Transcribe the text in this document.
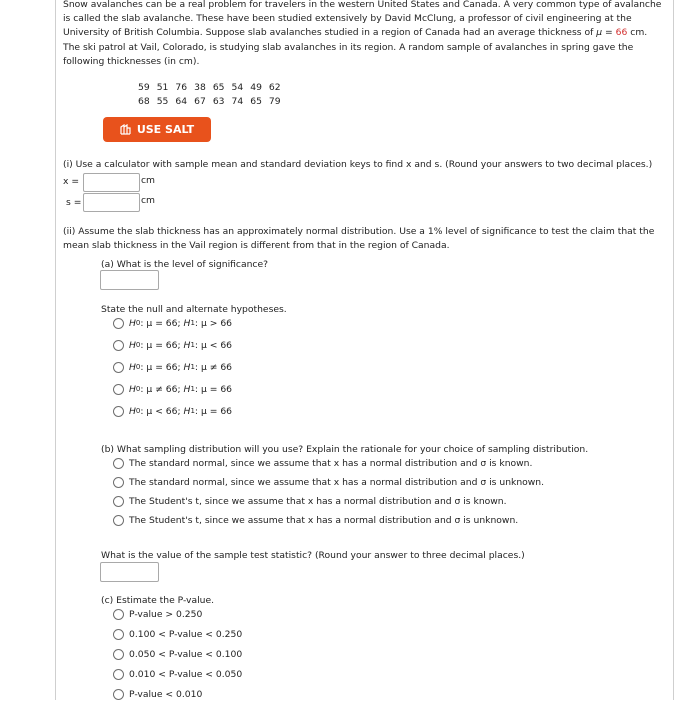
Snow avalanches can be a real problem for travelers in the western United States and Canada. A very common type of avalanche is called the slab avalanche. These have been studied extensively by David McClung, a professor of civil engineering at the University of British Columbia. Suppose slab avalanches studied in a region of Canada had an average thickness of μ = 66 cm. The ski patrol at Vail, Colorado, is studying slab avalanches in its region. A random sample of avalanches in spring gave the following thicknesses (in cm).
59	51	76	38	65	54	49	62
68	55	64	67	63	74	65	79
USE SALT
(i) Use a calculator with sample mean and standard deviation keys to find x and s. (Round your answers to two decimal places.)
x =	cm
s =	cm
(ii) Assume the slab thickness has an approximately normal distribution. Use a 1% level of significance to test the claim that the mean slab thickness in the Vail region is different from that in the region of Canada.
(a) What is the level of significance?
State the null and alternate hypotheses.
H 0 : μ = 66 ; H 1 : μ > 66
H 0 : μ = 66 ; H 1 : μ < 66
H 0 : μ = 66 ; H 1 : μ ≠ 66
H 0 : μ ≠ 66 ; H 1 : μ = 66
H 0 : μ < 66 ; H 1 : μ = 66
(b) What sampling distribution will you use? Explain the rationale for your choice of sampling distribution.
The standard normal, since we assume that x has a normal distribution and σ is known.
The standard normal, since we assume that x has a normal distribution and σ is unknown.
The Student's t, since we assume that x has a normal distribution and σ is known.
The Student's t, since we assume that x has a normal distribution and σ is unknown.
What is the value of the sample test statistic? (Round your answer to three decimal places.)
(c) Estimate the P-value.
P-value > 0.250
0.100 < P-value < 0.250
0.050 < P-value < 0.100
0.010 < P-value < 0.050
P-value < 0.010
